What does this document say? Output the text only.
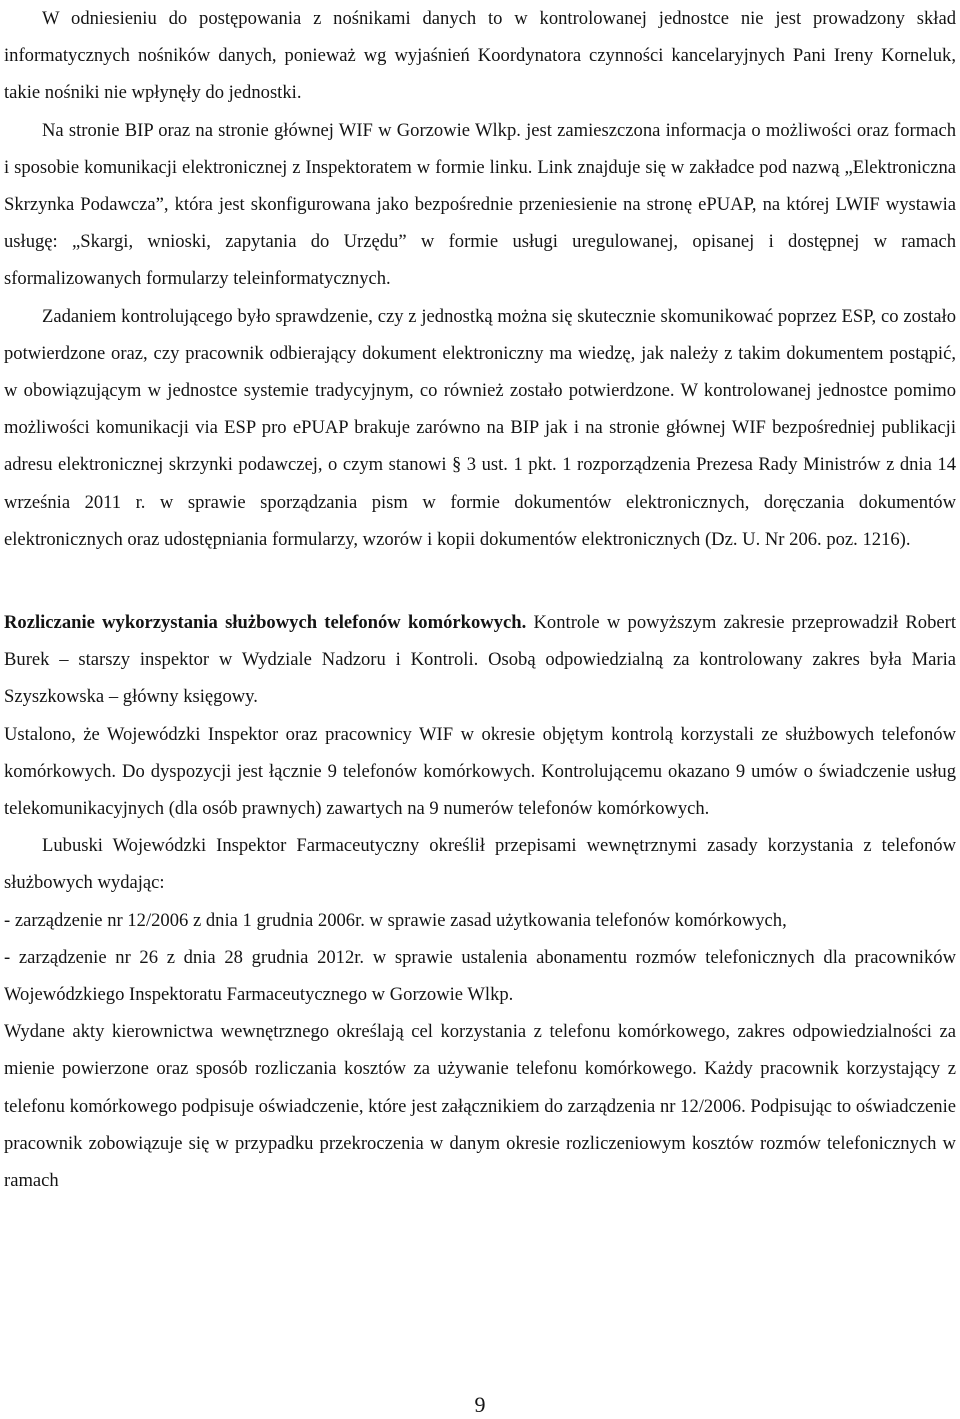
W odniesieniu do postępowania z nośnikami danych to w kontrolowanej jednostce nie jest prowadzony skład informatycznych nośników danych, ponieważ wg wyjaśnień Koordynatora czynności kancelaryjnych Pani Ireny Korneluk, takie nośniki nie wpłynęły do jednostki.

Na stronie BIP oraz na stronie głównej WIF w Gorzowie Wlkp. jest zamieszczona informacja o możliwości oraz formach i sposobie komunikacji elektronicznej z Inspektoratem w formie linku. Link znajduje się w zakładce pod nazwą „Elektroniczna Skrzynka Podawcza”, która jest skonfigurowana jako bezpośrednie przeniesienie na stronę ePUAP, na której LWIF wystawia usługę: „Skargi, wnioski, zapytania do Urzędu” w formie usługi uregulowanej, opisanej i dostępnej w ramach sformalizowanych formularzy teleinformatycznych.

Zadaniem kontrolującego było sprawdzenie, czy z jednostką można się skutecznie skomunikować poprzez ESP, co zostało potwierdzone oraz, czy pracownik odbierający dokument elektroniczny ma wiedzę, jak należy z takim dokumentem postąpić, w obowiązującym w jednostce systemie tradycyjnym, co również zostało potwierdzone. W kontrolowanej jednostce pomimo możliwości komunikacji via ESP pro ePUAP brakuje zarówno na BIP jak i na stronie głównej WIF bezpośredniej publikacji adresu elektronicznej skrzynki podawczej, o czym stanowi § 3 ust. 1 pkt. 1 rozporządzenia Prezesa Rady Ministrów z dnia 14 września 2011 r. w sprawie sporządzania pism w formie dokumentów elektronicznych, doręczania dokumentów elektronicznych oraz udostępniania formularzy, wzorów i kopii dokumentów elektronicznych (Dz. U. Nr 206. poz. 1216).

Rozliczanie wykorzystania służbowych telefonów komórkowych. Kontrole w powyższym zakresie przeprowadził Robert Burek – starszy inspektor w Wydziale Nadzoru i Kontroli. Osobą odpowiedzialną za kontrolowany zakres była Maria Szyszkowska – główny księgowy.

Ustalono, że Wojewódzki Inspektor oraz pracownicy WIF w okresie objętym kontrolą korzystali ze służbowych telefonów komórkowych. Do dyspozycji jest łącznie 9 telefonów komórkowych. Kontrolującemu okazano 9 umów o świadczenie usług telekomunikacyjnych (dla osób prawnych) zawartych na 9 numerów telefonów komórkowych.

Lubuski Wojewódzki Inspektor Farmaceutyczny określił przepisami wewnętrznymi zasady korzystania z telefonów służbowych wydając:

- zarządzenie nr 12/2006 z dnia 1 grudnia 2006r. w sprawie zasad użytkowania telefonów komórkowych,

- zarządzenie nr 26 z dnia 28 grudnia 2012r. w sprawie ustalenia abonamentu rozmów telefonicznych dla pracowników Wojewódzkiego Inspektoratu Farmaceutycznego w Gorzowie Wlkp.

Wydane akty kierownictwa wewnętrznego określają cel korzystania z telefonu komórkowego, zakres odpowiedzialności za mienie powierzone oraz sposób rozliczania kosztów za używanie telefonu komórkowego. Każdy pracownik korzystający z telefonu komórkowego podpisuje oświadczenie, które jest załącznikiem do zarządzenia nr 12/2006. Podpisując to oświadczenie pracownik zobowiązuje się w przypadku przekroczenia w danym okresie rozliczeniowym kosztów rozmów telefonicznych w ramach

9
